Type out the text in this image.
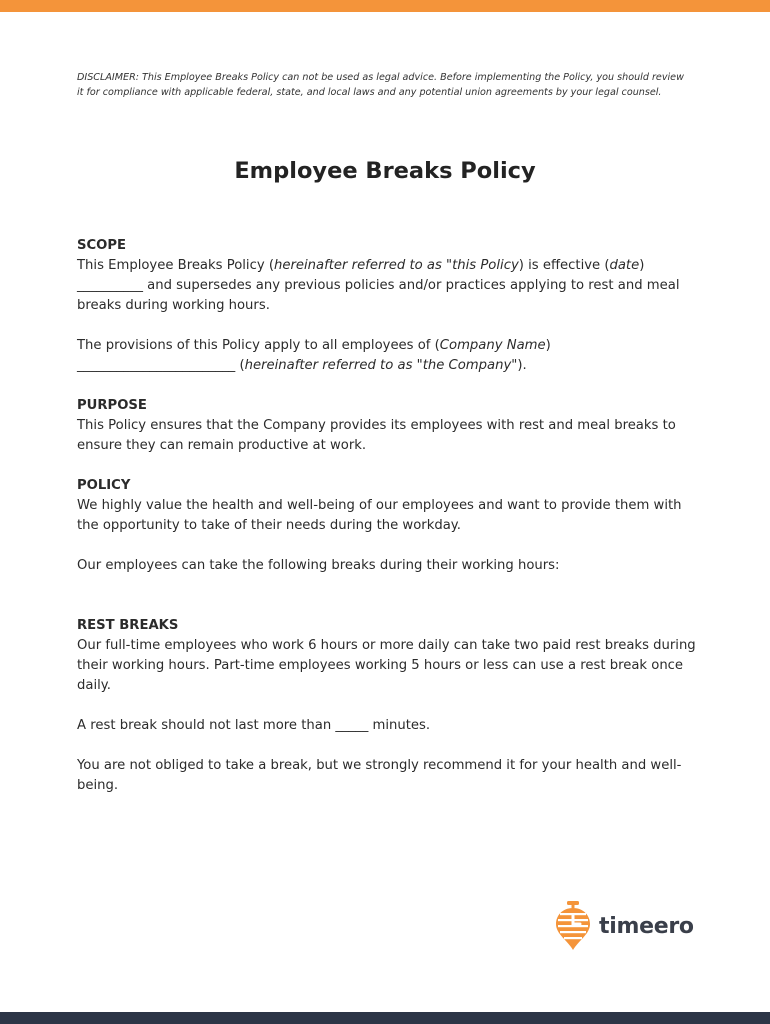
DISCLAIMER: This Employee Breaks Policy can not be used as legal advice. Before implementing the Policy, you should review it for compliance with applicable federal, state, and local laws and any potential union agreements by your legal counsel.

Employee Breaks Policy
SCOPE

This Employee Breaks Policy (hereinafter referred to as "this Policy) is effective (date)
__________ and supersedes any previous policies and/or practices applying to rest and meal breaks during working hours.

The provisions of this Policy apply to all employees of (Company Name)
________________________ (hereinafter referred to as "the Company").

PURPOSE

This Policy ensures that the Company provides its employees with rest and meal breaks to ensure they can remain productive at work.

POLICY

We highly value the health and well-being of our employees and want to provide them with the opportunity to take of their needs during the workday.

Our employees can take the following breaks during their working hours:

REST BREAKS

Our full-time employees who work 6 hours or more daily can take two paid rest breaks during their working hours. Part-time employees working 5 hours or less can use a rest break once daily.

A rest break should not last more than _____ minutes.

You are not obliged to take a break, but we strongly recommend it for your health and well-being.

timeero
